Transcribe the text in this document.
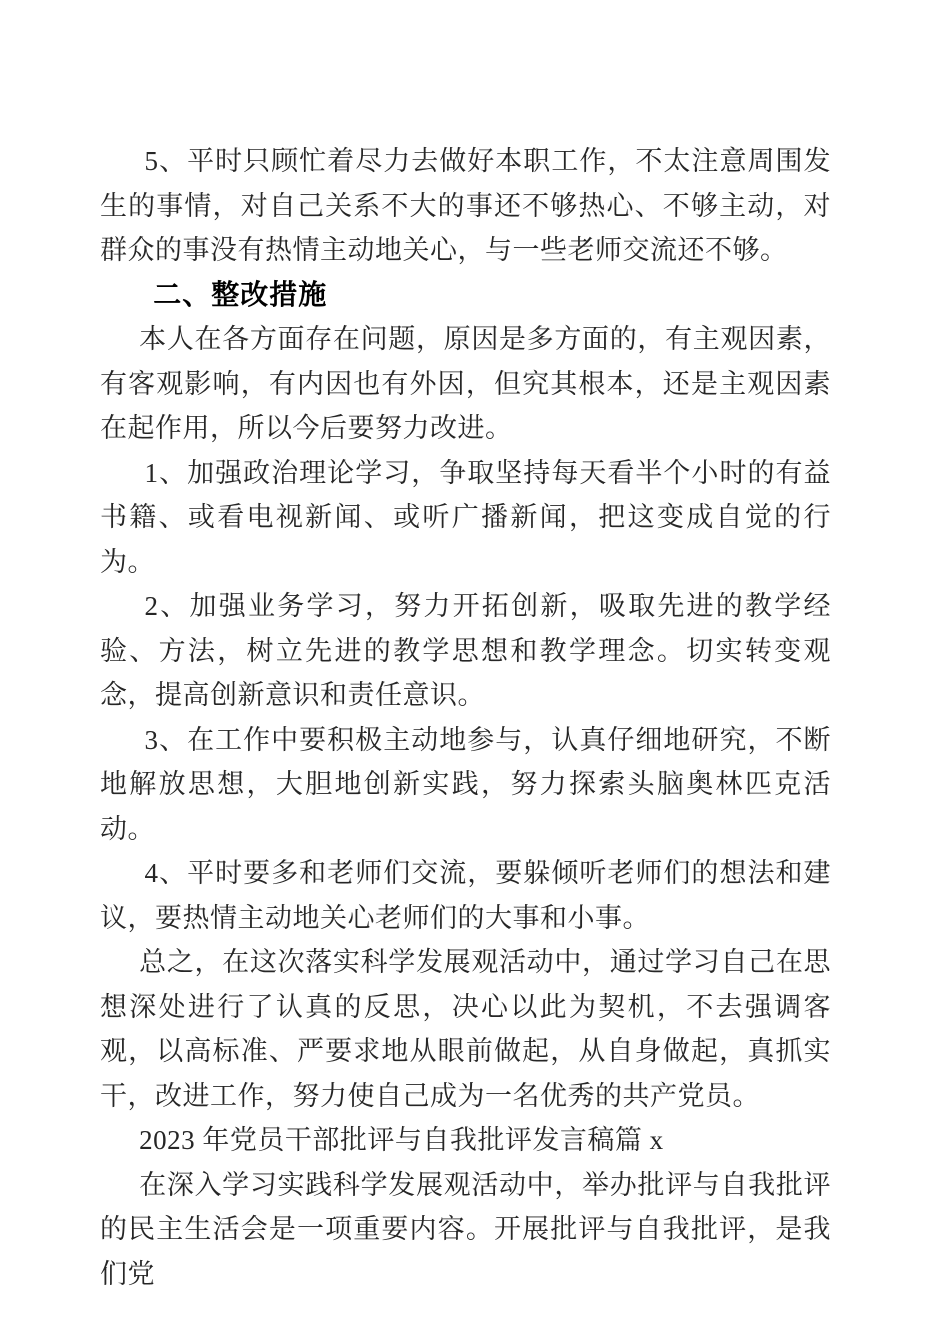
5、平时只顾忙着尽力去做好本职工作，不太注意周围发生的事情，对自己关系不大的事还不够热心、不够主动，对群众的事没有热情主动地关心，与一些老师交流还不够。

二、整改措施

本人在各方面存在问题，原因是多方面的，有主观因素，有客观影响，有内因也有外因，但究其根本，还是主观因素在起作用，所以今后要努力改进。

1、加强政治理论学习，争取坚持每天看半个小时的有益书籍、或看电视新闻、或听广播新闻，把这变成自觉的行为。

2、加强业务学习，努力开拓创新，吸取先进的教学经验、方法，树立先进的教学思想和教学理念。切实转变观念，提高创新意识和责任意识。

3、在工作中要积极主动地参与，认真仔细地研究，不断地解放思想，大胆地创新实践，努力探索头脑奥林匹克活动。

4、平时要多和老师们交流，要躲倾听老师们的想法和建议，要热情主动地关心老师们的大事和小事。

总之，在这次落实科学发展观活动中，通过学习自己在思想深处进行了认真的反思，决心以此为契机，不去强调客观，以高标准、严要求地从眼前做起，从自身做起，真抓实干，改进工作，努力使自己成为一名优秀的共产党员。

2023 年党员干部批评与自我批评发言稿篇 x

在深入学习实践科学发展观活动中，举办批评与自我批评的民主生活会是一项重要内容。开展批评与自我批评，是我们党
